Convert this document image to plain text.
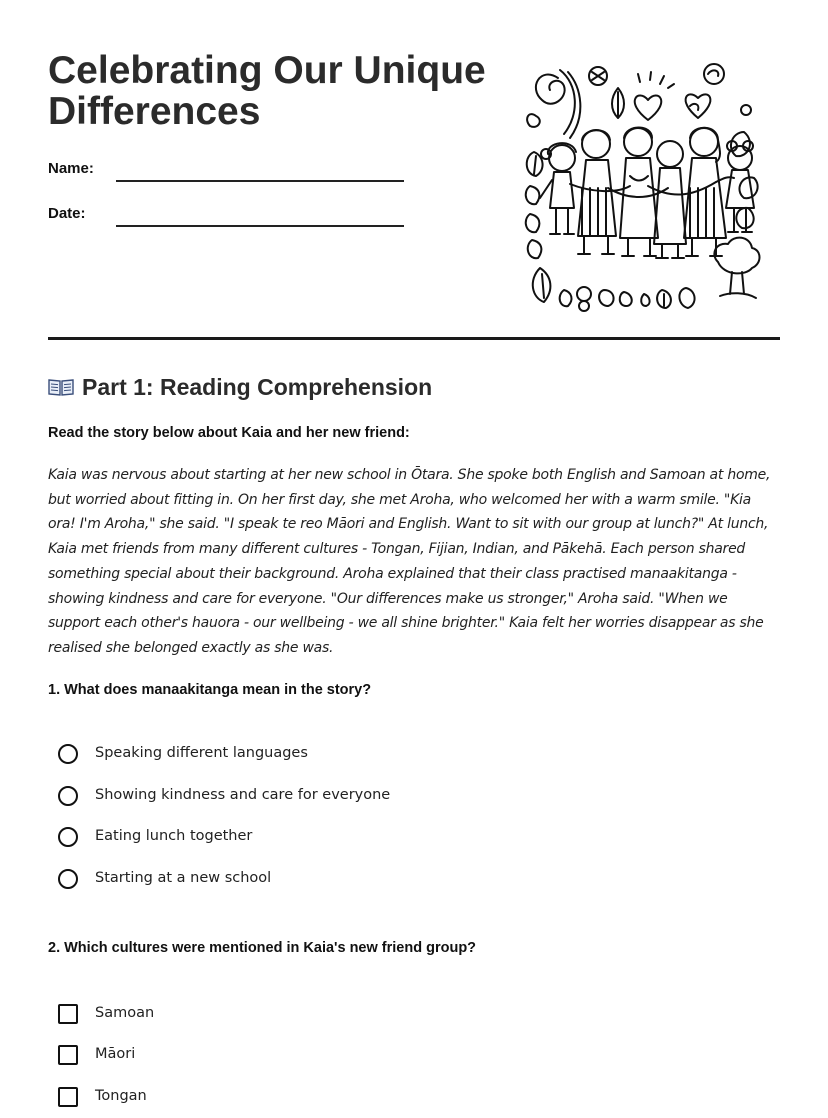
Celebrating Our Unique Differences
Name:
Date:
Part 1: Reading Comprehension
Read the story below about Kaia and her new friend:

Kaia was nervous about starting at her new school in Ōtara. She spoke both English and Samoan at home, but worried about fitting in. On her first day, she met Aroha, who welcomed her with a warm smile. "Kia ora! I'm Aroha," she said. "I speak te reo Māori and English. Want to sit with our group at lunch?" At lunch, Kaia met friends from many different cultures - Tongan, Fijian, Indian, and Pākehā. Each person shared something special about their background. Aroha explained that their class practised manaakitanga - showing kindness and care for everyone. "Our differences make us stronger," Aroha said. "When we support each other's hauora - our wellbeing - we all shine brighter." Kaia felt her worries disappear as she realised she belonged exactly as she was.

1. What does manaakitanga mean in the story?
Speaking different languages
Showing kindness and care for everyone
Eating lunch together
Starting at a new school
2. Which cultures were mentioned in Kaia's new friend group?
Samoan
Māori
Tongan
